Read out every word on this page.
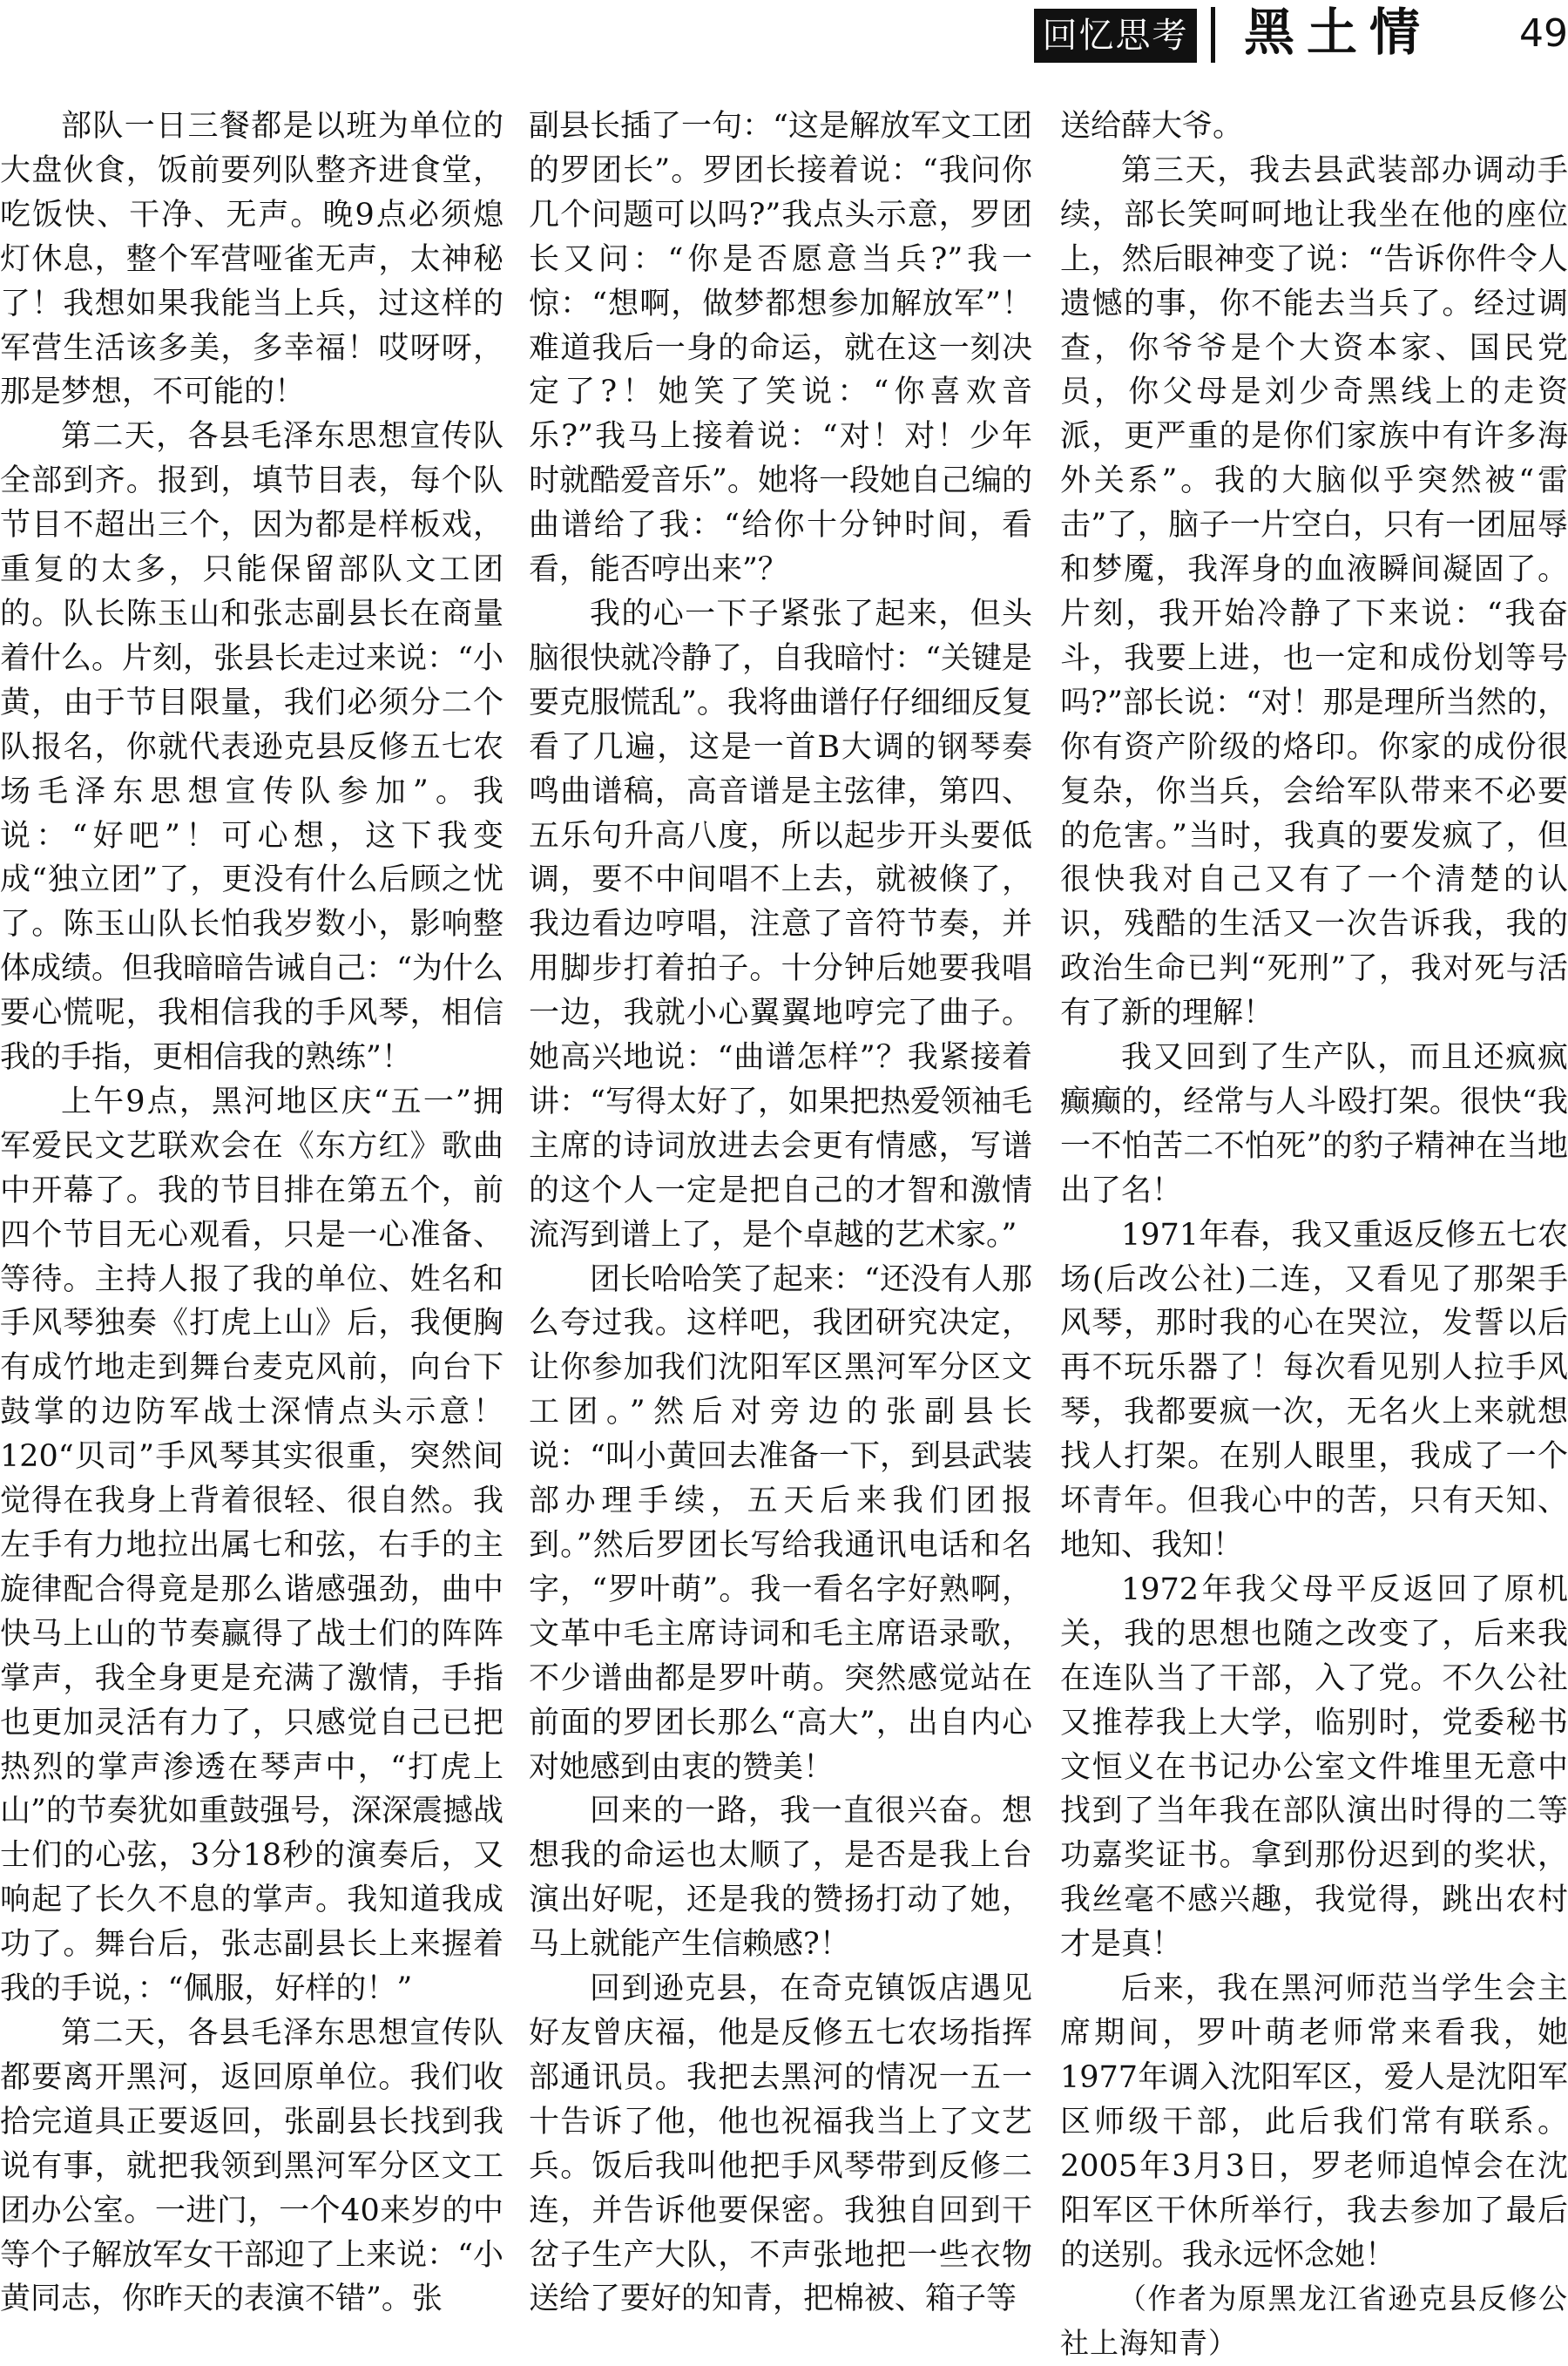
回忆思考 黑土情	49

部队一日三餐都是以班为单位的大盘伙食，饭前要列队整齐进食堂，吃饭快、干净、无声。晚9点必须熄灯休息，整个军营哑雀无声，太神秘了！我想如果我能当上兵，过这样的军营生活该多美，多幸福！哎呀呀，那是梦想，不可能的！

第二天，各县毛泽东思想宣传队全部到齐。报到，填节目表，每个队节目不超出三个，因为都是样板戏，重复的太多，只能保留部队文工团的。队长陈玉山和张志副县长在商量着什么。片刻，张县长走过来说：“小黄，由于节目限量，我们必须分二个队报名，你就代表逊克县反修五七农场毛泽东思想宣传队参加”。我说：“好吧”！可心想，这下我变成“独立团”了，更没有什么后顾之忧了。陈玉山队长怕我岁数小，影响整体成绩。但我暗暗告诫自己：“为什么要心慌呢，我相信我的手风琴，相信我的手指，更相信我的熟练”！

上午9点，黑河地区庆“五一”拥军爱民文艺联欢会在《东方红》歌曲中开幕了。我的节目排在第五个，前四个节目无心观看，只是一心准备、等待。主持人报了我的单位、姓名和手风琴独奏《打虎上山》后，我便胸有成竹地走到舞台麦克风前，向台下鼓掌的边防军战士深情点头示意！120“贝司”手风琴其实很重，突然间觉得在我身上背着很轻、很自然。我左手有力地拉出属七和弦，右手的主旋律配合得竟是那么谐感强劲，曲中快马上山的节奏赢得了战士们的阵阵掌声，我全身更是充满了激情，手指也更加灵活有力了，只感觉自己已把热烈的掌声渗透在琴声中，“打虎上山”的节奏犹如重鼓强号，深深震撼战士们的心弦，3分18秒的演奏后，又响起了长久不息的掌声。我知道我成功了。舞台后，张志副县长上来握着我的手说，：“佩服，好样的！”

第二天，各县毛泽东思想宣传队都要离开黑河，返回原单位。我们收拾完道具正要返回，张副县长找到我说有事，就把我领到黑河军分区文工团办公室。一进门，一个40来岁的中等个子解放军女干部迎了上来说：“小黄同志，你昨天的表演不错”。张

副县长插了一句：“这是解放军文工团的罗团长”。罗团长接着说：“我问你几个问题可以吗?”我点头示意，罗团长又问：“你是否愿意当兵?”我一惊：“想啊，做梦都想参加解放军”！难道我后一身的命运，就在这一刻决定了?！她笑了笑说：“你喜欢音乐?”我马上接着说：“对！对！少年时就酷爱音乐”。她将一段她自己编的曲谱给了我：“给你十分钟时间，看看，能否哼出来”？

我的心一下子紧张了起来，但头脑很快就冷静了，自我暗忖：“关键是要克服慌乱”。我将曲谱仔仔细细反复看了几遍，这是一首B大调的钢琴奏鸣曲谱稿，高音谱是主弦律，第四、五乐句升高八度，所以起步开头要低调，要不中间唱不上去，就被倏了，我边看边哼唱，注意了音符节奏，并用脚步打着拍子。十分钟后她要我唱一边，我就小心翼翼地哼完了曲子。她高兴地说：“曲谱怎样”？我紧接着讲：“写得太好了，如果把热爱领袖毛主席的诗词放进去会更有情感，写谱的这个人一定是把自己的才智和激情流泻到谱上了，是个卓越的艺术家。”

团长哈哈笑了起来：“还没有人那么夸过我。这样吧，我团研究决定，让你参加我们沈阳军区黑河军分区文工团。”然后对旁边的张副县长说：“叫小黄回去准备一下，到县武装部办理手续，五天后来我们团报到。”然后罗团长写给我通讯电话和名字，“罗叶萌”。我一看名字好熟啊，文革中毛主席诗词和毛主席语录歌，不少谱曲都是罗叶萌。突然感觉站在前面的罗团长那么“高大”，出自内心对她感到由衷的赞美！

回来的一路，我一直很兴奋。想想我的命运也太顺了，是否是我上台演出好呢，还是我的赞扬打动了她，马上就能产生信赖感?！

回到逊克县，在奇克镇饭店遇见好友曾庆福，他是反修五七农场指挥部通讯员。我把去黑河的情况一五一十告诉了他，他也祝福我当上了文艺兵。饭后我叫他把手风琴带到反修二连，并告诉他要保密。我独自回到干岔子生产大队，不声张地把一些衣物送给了要好的知青，把棉被、箱子等

送给薛大爷。

第三天，我去县武装部办调动手续，部长笑呵呵地让我坐在他的座位上，然后眼神变了说：“告诉你件令人遗憾的事，你不能去当兵了。经过调查，你爷爷是个大资本家、国民党员，你父母是刘少奇黑线上的走资派，更严重的是你们家族中有许多海外关系”。我的大脑似乎突然被“雷击”了，脑子一片空白，只有一团屈辱和梦魇，我浑身的血液瞬间凝固了。片刻，我开始冷静了下来说：“我奋斗，我要上进，也一定和成份划等号吗?”部长说：“对！那是理所当然的，你有资产阶级的烙印。你家的成份很复杂，你当兵，会给军队带来不必要的危害。”当时，我真的要发疯了，但很快我对自己又有了一个清楚的认识，残酷的生活又一次告诉我，我的政治生命已判“死刑”了，我对死与活有了新的理解！

我又回到了生产队，而且还疯疯癫癫的，经常与人斗殴打架。很快“我一不怕苦二不怕死”的豹子精神在当地出了名！

1971年春，我又重返反修五七农场(后改公社)二连，又看见了那架手风琴，那时我的心在哭泣，发誓以后再不玩乐器了！每次看见别人拉手风琴，我都要疯一次，无名火上来就想找人打架。在别人眼里，我成了一个坏青年。但我心中的苦，只有天知、地知、我知！

1972年我父母平反返回了原机关，我的思想也随之改变了，后来我在连队当了干部，入了党。不久公社又推荐我上大学，临别时，党委秘书文恒义在书记办公室文件堆里无意中找到了当年我在部队演出时得的二等功嘉奖证书。拿到那份迟到的奖状，我丝毫不感兴趣，我觉得，跳出农村才是真！

后来，我在黑河师范当学生会主席期间，罗叶萌老师常来看我，她1977年调入沈阳军区，爱人是沈阳军区师级干部，此后我们常有联系。2005年3月3日，罗老师追悼会在沈阳军区干休所举行，我去参加了最后的送别。我永远怀念她！

（作者为原黑龙江省逊克县反修公社上海知青）
